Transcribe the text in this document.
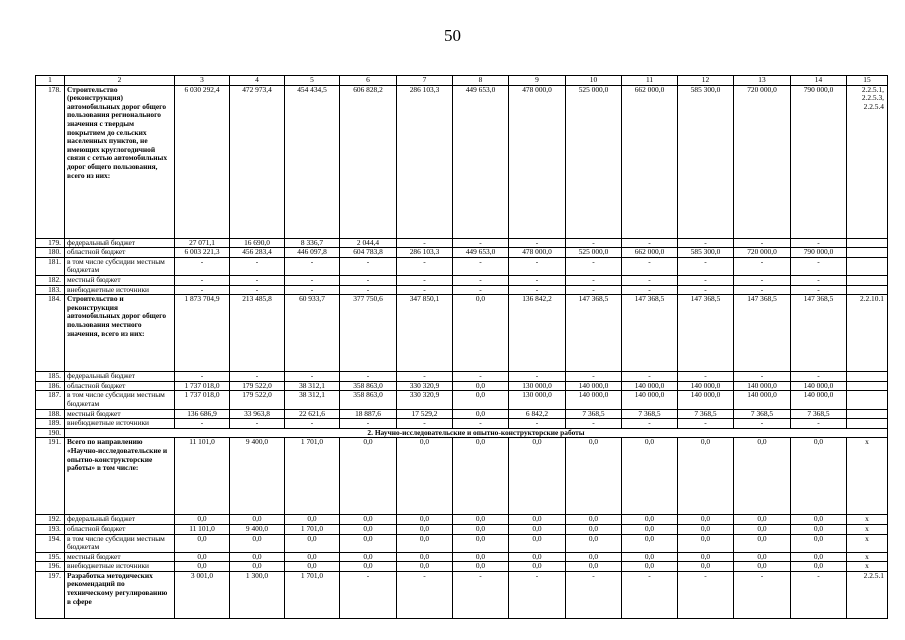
50
1	2	3	4	5	6	7	8	9	10	11	12	13	14	15
178.	Строительство (реконструкция) автомобильных дорог общего пользования регионального значения с твердым покрытием до сельских населенных пунктов, не имеющих круглогодичной связи с сетью автомобильных дорог общего пользования, всего из них:	6 030 292,4	472 973,4	454 434,5	606 828,2	286 103,3	449 653,0	478 000,0	525 000,0	662 000,0	585 300,0	720 000,0	790 000,0	2.2.5.1, 2.2.5.3, 2.2.5.4
179.	федеральный бюджет	27 071,1	16 690,0	8 336,7	2 044,4	-	-	-	-	-	-	-	-	
180.	областной бюджет	6 003 221,3	456 283,4	446 097,8	604 783,8	286 103,3	449 653,0	478 000,0	525 000,0	662 000,0	585 300,0	720 000,0	790 000,0	
181.	в том числе субсидии местным бюджетам	-	-	-	-	-	-	-	-	-	-	-	-	
182.	местный бюджет	-	-	-	-	-	-	-	-	-	-	-	-	
183.	внебюджетные источники	-	-	-	-	-	-	-	-	-	-	-	-	
184.	Строительство и реконструкция автомобильных дорог общего пользования местного значения, всего из них:	1 873 704,9	213 485,8	60 933,7	377 750,6	347 850,1	0,0	136 842,2	147 368,5	147 368,5	147 368,5	147 368,5	147 368,5	2.2.10.1
185.	федеральный бюджет	-	-	-	-	-	-	-	-	-	-	-	-	
186.	областной бюджет	1 737 018,0	179 522,0	38 312,1	358 863,0	330 320,9	0,0	130 000,0	140 000,0	140 000,0	140 000,0	140 000,0	140 000,0	
187.	в том числе субсидии местным бюджетам	1 737 018,0	179 522,0	38 312,1	358 863,0	330 320,9	0,0	130 000,0	140 000,0	140 000,0	140 000,0	140 000,0	140 000,0	
188.	местный бюджет	136 686,9	33 963,8	22 621,6	18 887,6	17 529,2	0,0	6 842,2	7 368,5	7 368,5	7 368,5	7 368,5	7 368,5	
189.	внебюджетные источники	-	-	-	-	-	-	-	-	-	-	-	-	
190.	2. Научно-исследовательские и опытно-конструкторские работы													
191.	Всего по направлению «Научно-исследовательские и опытно-конструкторские работы» в том числе:	11 101,0	9 400,0	1 701,0	0,0	0,0	0,0	0,0	0,0	0,0	0,0	0,0	0,0	x
192.	федеральный бюджет	0,0	0,0	0,0	0,0	0,0	0,0	0,0	0,0	0,0	0,0	0,0	0,0	x
193.	областной бюджет	11 101,0	9 400,0	1 701,0	0,0	0,0	0,0	0,0	0,0	0,0	0,0	0,0	0,0	x
194.	в том числе субсидии местным бюджетам	0,0	0,0	0,0	0,0	0,0	0,0	0,0	0,0	0,0	0,0	0,0	0,0	x
195.	местный бюджет	0,0	0,0	0,0	0,0	0,0	0,0	0,0	0,0	0,0	0,0	0,0	0,0	x
196.	внебюджетные источники	0,0	0,0	0,0	0,0	0,0	0,0	0,0	0,0	0,0	0,0	0,0	0,0	x
197.	Разработка методических рекомендаций по техническому регулированию в сфере	3 001,0	1 300,0	1 701,0	-	-	-	-	-	-	-	-	-	2.2.5.1
